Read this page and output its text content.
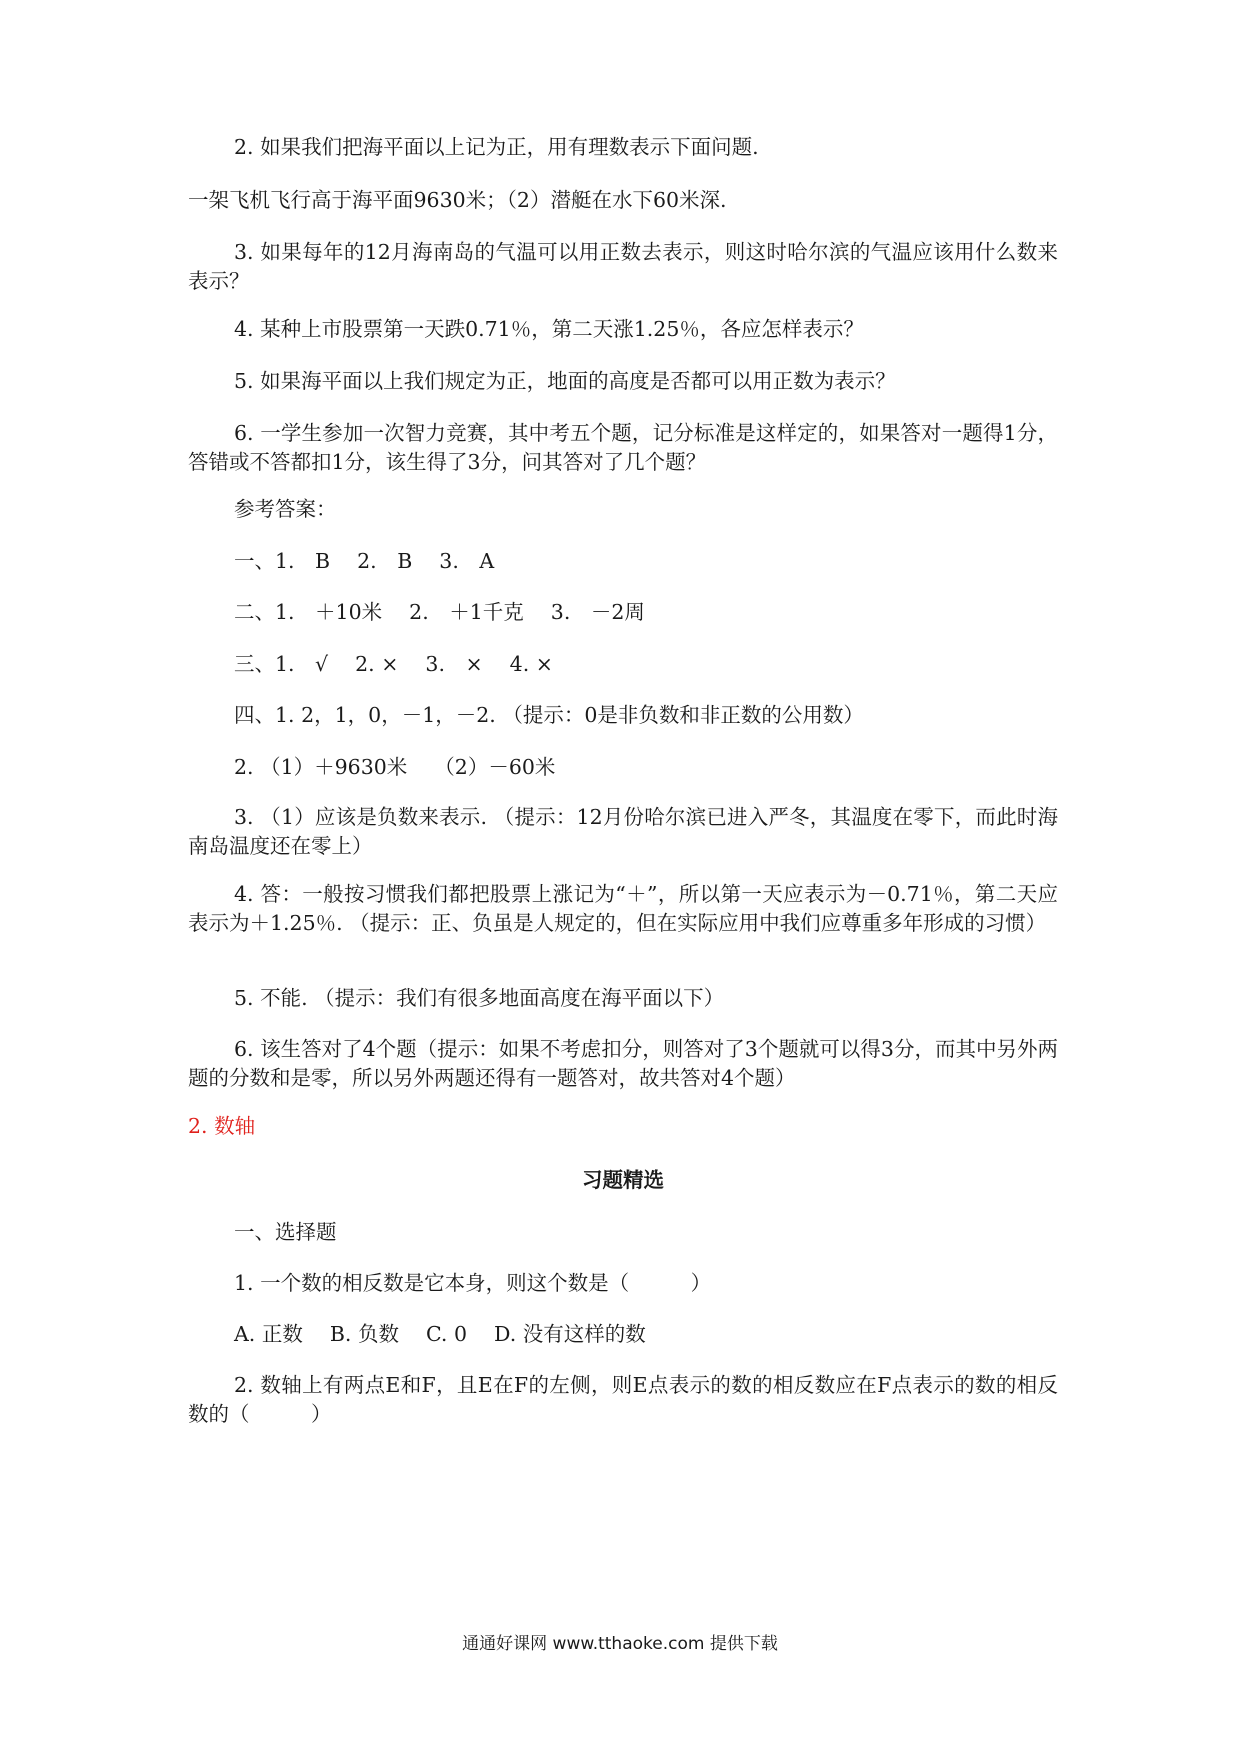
2. 如果我们把海平面以上记为正，用有理数表示下面问题.

一架飞机飞行高于海平面9630米；（2）潜艇在水下60米深.

3. 如果每年的12月海南岛的气温可以用正数去表示，则这时哈尔滨的气温应该用什么数来表示？

4. 某种上市股票第一天跌0.71％，第二天涨1.25％，各应怎样表示？

5. 如果海平面以上我们规定为正，地面的高度是否都可以用正数为表示？

6. 一学生参加一次智力竞赛，其中考五个题，记分标准是这样定的，如果答对一题得1分，答错或不答都扣1分，该生得了3分，问其答对了几个题？

参考答案：

一、1.　B　 2.　B　 3.　A

二、1.　＋10米　 2.　＋1千克　 3.　－2周

三、1.　√　 2. ×　 3.　×　 4. ×

四、1. 2，1，0，－1，－2. （提示：0是非负数和非正数的公用数）

2. （1）＋9630米　 （2）－60米

3. （1）应该是负数来表示. （提示：12月份哈尔滨已进入严冬，其温度在零下，而此时海南岛温度还在零上）

4. 答：一般按习惯我们都把股票上涨记为“＋”，所以第一天应表示为－0.71％，第二天应表示为＋1.25％. （提示：正、负虽是人规定的，但在实际应用中我们应尊重多年形成的习惯）

5. 不能. （提示：我们有很多地面高度在海平面以下）

6. 该生答对了4个题（提示：如果不考虑扣分，则答对了3个题就可以得3分，而其中另外两题的分数和是零，所以另外两题还得有一题答对，故共答对4个题）

2. 数轴

习题精选

一、选择题

1. 一个数的相反数是它本身，则这个数是（　　　）

A. 正数　 B. 负数　 C. 0　 D. 没有这样的数

2. 数轴上有两点E和F，且E在F的左侧，则E点表示的数的相反数应在F点表示的数的相反数的（　　　）

通通好课网 www.tthaoke.com 提供下载
